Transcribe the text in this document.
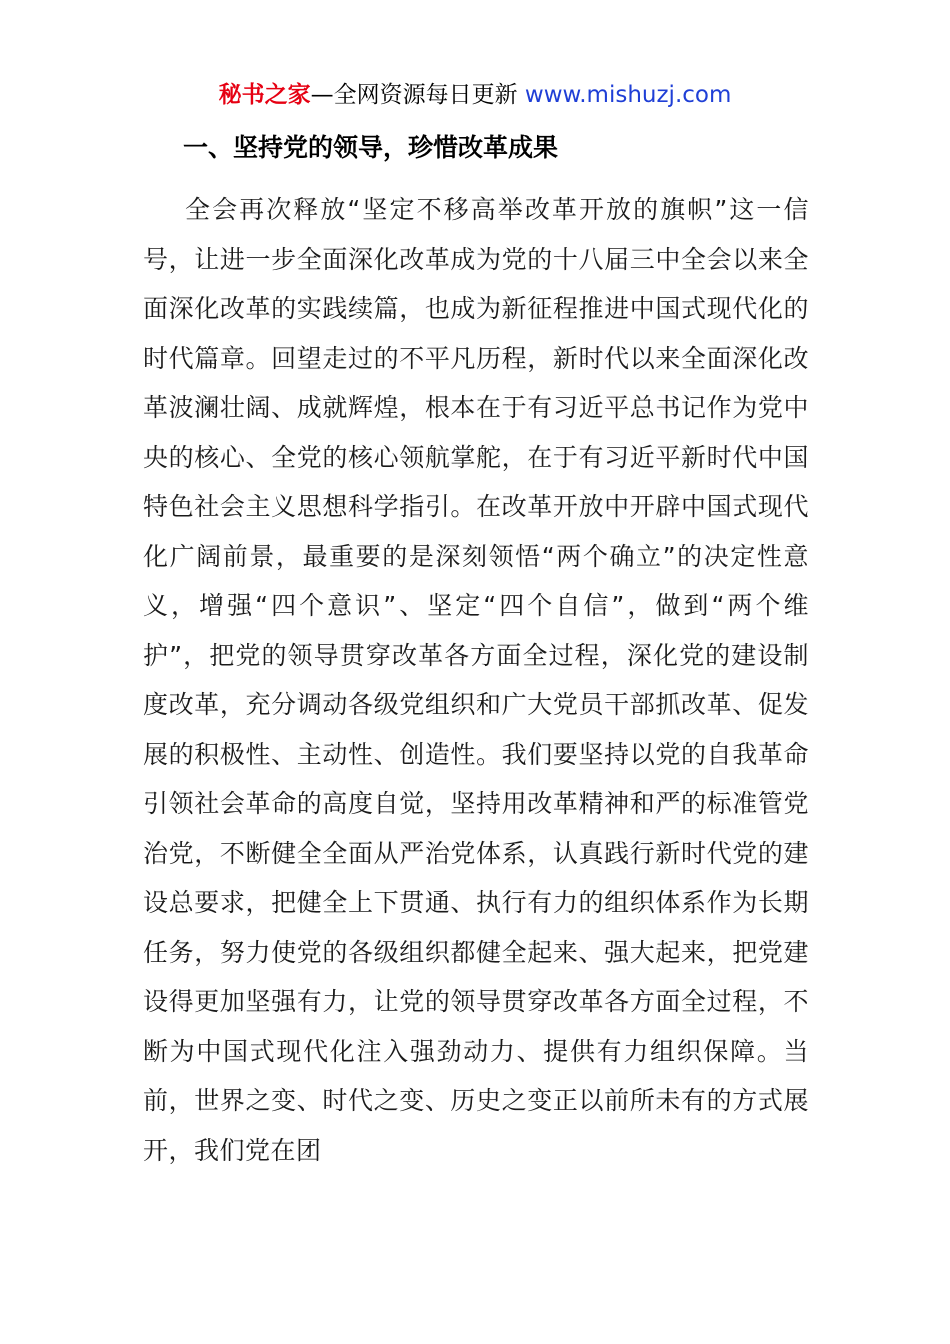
秘书之家—全网资源每日更新 www.mishuzj.com
一、坚持党的领导，珍惜改革成果

全会再次释放“坚定不移高举改革开放的旗帜”这一信号，让进一步全面深化改革成为党的十八届三中全会以来全面深化改革的实践续篇，也成为新征程推进中国式现代化的时代篇章。回望走过的不平凡历程，新时代以来全面深化改革波澜壮阔、成就辉煌，根本在于有习近平总书记作为党中央的核心、全党的核心领航掌舵，在于有习近平新时代中国特色社会主义思想科学指引。在改革开放中开辟中国式现代化广阔前景，最重要的是深刻领悟“两个确立”的决定性意义，增强“四个意识”、坚定“四个自信”，做到“两个维护”，把党的领导贯穿改革各方面全过程，深化党的建设制度改革，充分调动各级党组织和广大党员干部抓改革、促发展的积极性、主动性、创造性。我们要坚持以党的自我革命引领社会革命的高度自觉，坚持用改革精神和严的标准管党治党，不断健全全面从严治党体系，认真践行新时代党的建设总要求，把健全上下贯通、执行有力的组织体系作为长期任务，努力使党的各级组织都健全起来、强大起来，把党建设得更加坚强有力，让党的领导贯穿改革各方面全过程，不断为中国式现代化注入强劲动力、提供有力组织保障。当前，世界之变、时代之变、历史之变正以前所未有的方式展开，我们党在团
